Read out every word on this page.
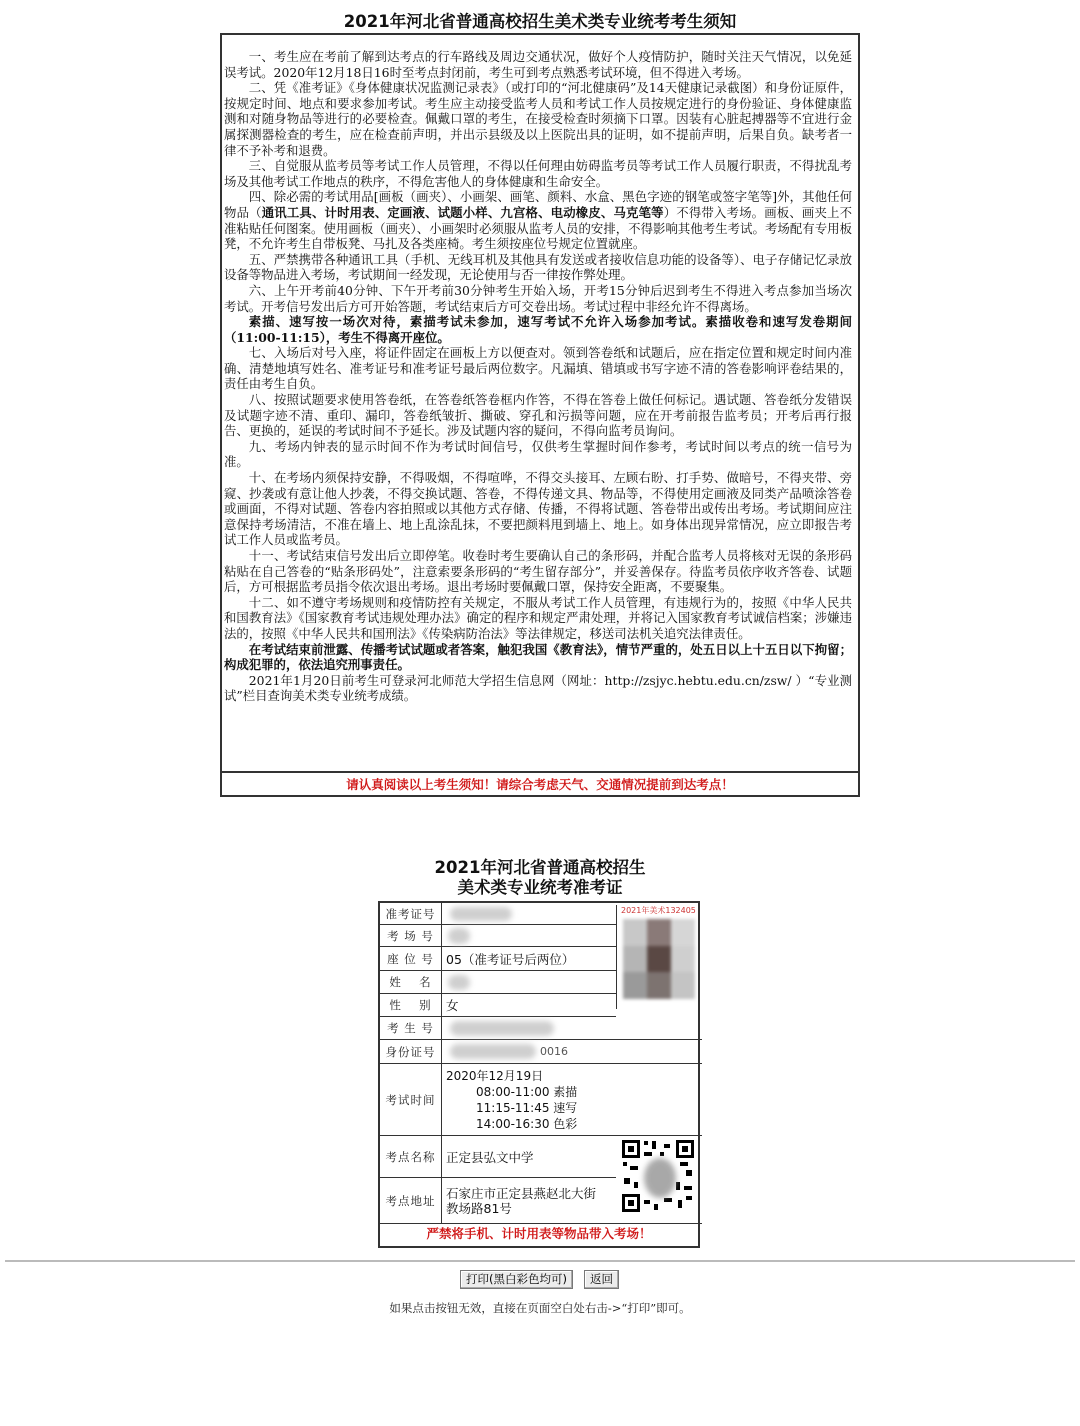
2021年河北省普通高校招生美术类专业统考考生须知

一、考生应在考前了解到达考点的行车路线及周边交通状况，做好个人疫情防护，随时关注天气情况，以免延误考试。2020年12月18日16时至考点封闭前，考生可到考点熟悉考试环境，但不得进入考场。

二、凭《准考证》《身体健康状况监测记录表》（或打印的“河北健康码”及14天健康记录截图）和身份证原件，按规定时间、地点和要求参加考试。考生应主动接受监考人员和考试工作人员按规定进行的身份验证、身体健康监测和对随身物品等进行的必要检查。佩戴口罩的考生，在接受检查时须摘下口罩。因装有心脏起搏器等不宜进行金属探测器检查的考生，应在检查前声明，并出示县级及以上医院出具的证明，如不提前声明，后果自负。缺考者一律不予补考和退费。

三、自觉服从监考员等考试工作人员管理，不得以任何理由妨碍监考员等考试工作人员履行职责，不得扰乱考场及其他考试工作地点的秩序，不得危害他人的身体健康和生命安全。

四、除必需的考试用品[画板（画夹）、小画架、画笔、颜料、水盒、黑色字迹的钢笔或签字笔等]外，其他任何物品（通讯工具、计时用表、定画液、试题小样、九宫格、电动橡皮、马克笔等）不得带入考场。画板、画夹上不准粘贴任何图案。使用画板（画夹）、小画架时必须服从监考人员的安排，不得影响其他考生考试。考场配有专用板凳，不允许考生自带板凳、马扎及各类座椅。考生须按座位号规定位置就座。

五、严禁携带各种通讯工具（手机、无线耳机及其他具有发送或者接收信息功能的设备等）、电子存储记忆录放设备等物品进入考场，考试期间一经发现，无论使用与否一律按作弊处理。

六、上午开考前40分钟、下午开考前30分钟考生开始入场，开考15分钟后迟到考生不得进入考点参加当场次考试。开考信号发出后方可开始答题，考试结束后方可交卷出场。考试过程中非经允许不得离场。

素描、速写按一场次对待，素描考试未参加，速写考试不允许入场参加考试。素描收卷和速写发卷期间（11:00-11:15），考生不得离开座位。

七、入场后对号入座，将证件固定在画板上方以便查对。领到答卷纸和试题后，应在指定位置和规定时间内准确、清楚地填写姓名、准考证号和准考证号最后两位数字。凡漏填、错填或书写字迹不清的答卷影响评卷结果的，责任由考生自负。

八、按照试题要求使用答卷纸，在答卷纸答卷框内作答，不得在答卷上做任何标记。遇试题、答卷纸分发错误及试题字迹不清、重印、漏印，答卷纸皱折、撕破、穿孔和污损等问题，应在开考前报告监考员；开考后再行报告、更换的，延误的考试时间不予延长。涉及试题内容的疑问，不得向监考员询问。

九、考场内钟表的显示时间不作为考试时间信号，仅供考生掌握时间作参考，考试时间以考点的统一信号为准。

十、在考场内须保持安静，不得吸烟，不得喧哗，不得交头接耳、左顾右盼、打手势、做暗号，不得夹带、旁窥、抄袭或有意让他人抄袭，不得交换试题、答卷，不得传递文具、物品等，不得使用定画液及同类产品喷涂答卷或画面，不得对试题、答卷内容拍照或以其他方式存储、传播，不得将试题、答卷带出或传出考场。考试期间应注意保持考场清洁，不准在墙上、地上乱涂乱抹，不要把颜料甩到墙上、地上。如身体出现异常情况，应立即报告考试工作人员或监考员。

十一、考试结束信号发出后立即停笔。收卷时考生要确认自己的条形码，并配合监考人员将核对无误的条形码粘贴在自己答卷的“贴条形码处”，注意索要条形码的“考生留存部分”，并妥善保存。待监考员依序收齐答卷、试题后，方可根据监考员指令依次退出考场。退出考场时要佩戴口罩，保持安全距离，不要聚集。

十二、如不遵守考场规则和疫情防控有关规定，不服从考试工作人员管理，有违规行为的，按照《中华人民共和国教育法》《国家教育考试违规处理办法》确定的程序和规定严肃处理，并将记入国家教育考试诚信档案；涉嫌违法的，按照《中华人民共和国刑法》《传染病防治法》等法律规定，移送司法机关追究法律责任。

在考试结束前泄露、传播考试试题或者答案，触犯我国《教育法》，情节严重的，处五日以上十五日以下拘留；构成犯罪的，依法追究刑事责任。

2021年1月20日前考生可登录河北师范大学招生信息网（网址：http://zsjyc.hebtu.edu.cn/zsw/ ）“专业测试”栏目查询美术类专业统考成绩。

请认真阅读以上考生须知！请综合考虑天气、交通情况提前到达考点！
2021年河北省普通高校招生
美术类专业统考准考证
准考证号
考 场 号
座 位 号 05（准考证号后两位）
姓　 名
性　 别	女
考 生 号
身份证号	0016
考试时间
2020年12月19日
08:00-11:00 素描
11:15-11:45 速写
14:00-16:30 色彩
考点名称 正定县弘文中学
考点地址 石家庄市正定县燕赵北大街教场路81号
2021年美术132405
严禁将手机、计时用表等物品带入考场！
打印(黑白彩色均可)	返回
如果点击按钮无效，直接在页面空白处右击->“打印”即可。
